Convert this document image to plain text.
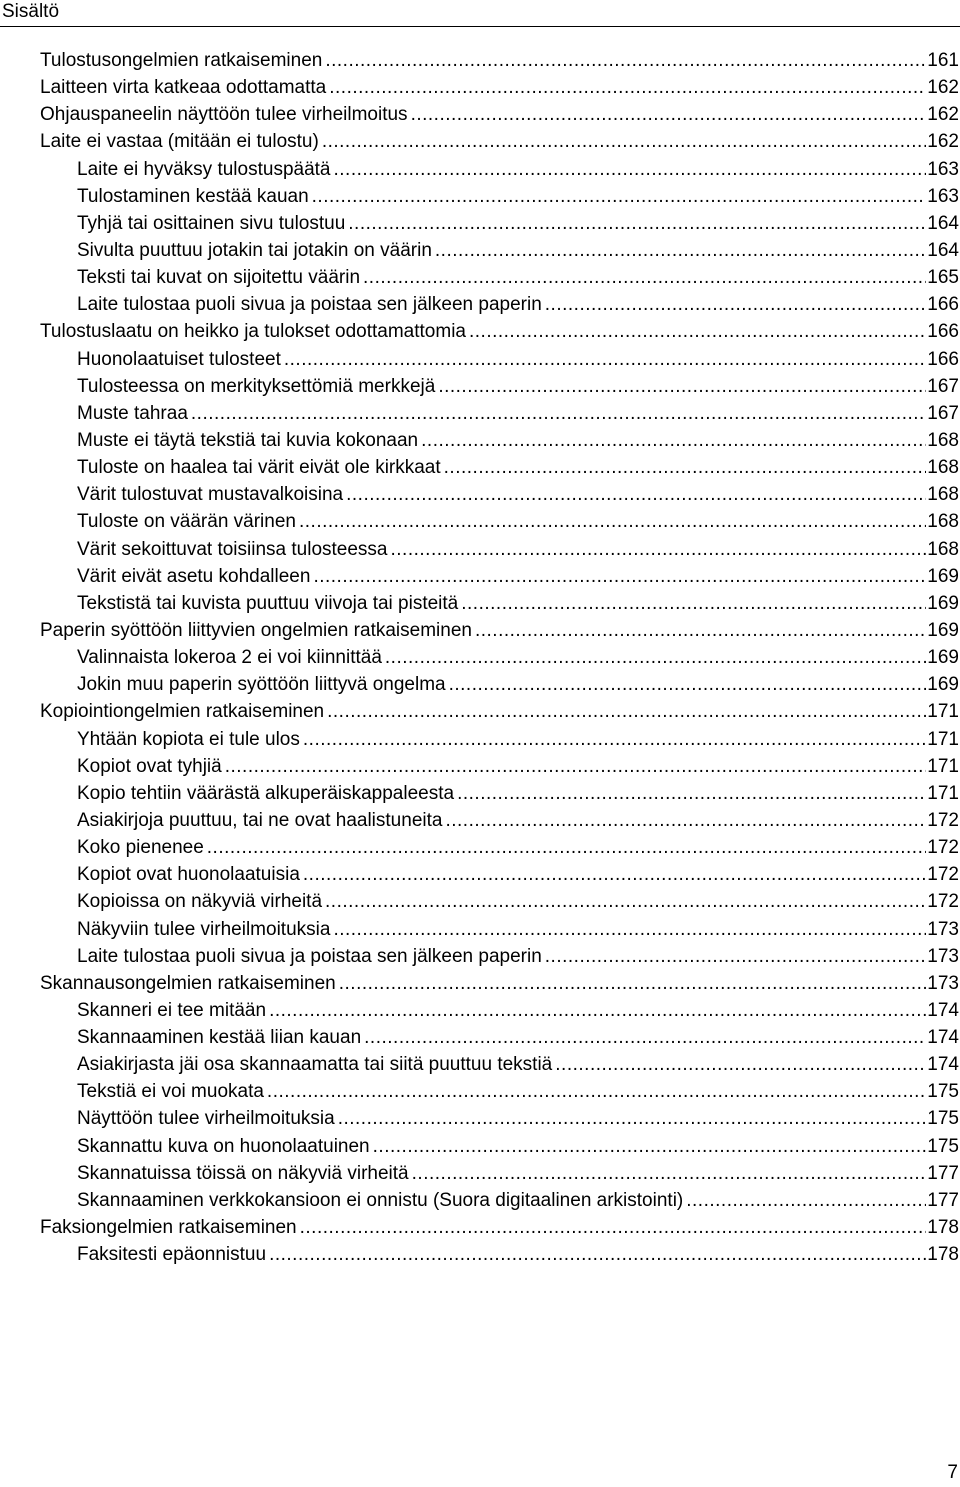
Sisältö
Tulostusongelmien ratkaiseminen .....	161
Laitteen virta katkeaa odottamatta .....	162
Ohjauspaneelin näyttöön tulee virheilmoitus .....	162
Laite ei vastaa (mitään ei tulostu) .....	162
Laite ei hyväksy tulostuspäätä .....	163
Tulostaminen kestää kauan .....	163
Tyhjä tai osittainen sivu tulostuu .....	164
Sivulta puuttuu jotakin tai jotakin on väärin .....	164
Teksti tai kuvat on sijoitettu väärin .....	165
Laite tulostaa puoli sivua ja poistaa sen jälkeen paperin .....	166
Tulostuslaatu on heikko ja tulokset odottamattomia .....	166
Huonolaatuiset tulosteet .....	166
Tulosteessa on merkityksettömiä merkkejä .....	167
Muste tahraa .....	167
Muste ei täytä tekstiä tai kuvia kokonaan .....	168
Tuloste on haalea tai värit eivät ole kirkkaat .....	168
Värit tulostuvat mustavalkoisina .....	168
Tuloste on väärän värinen .....	168
Värit sekoittuvat toisiinsa tulosteessa .....	168
Värit eivät asetu kohdalleen .....	169
Tekstistä tai kuvista puuttuu viivoja tai pisteitä .....	169
Paperin syöttöön liittyvien ongelmien ratkaiseminen .....	169
Valinnaista lokeroa 2 ei voi kiinnittää .....	169
Jokin muu paperin syöttöön liittyvä ongelma .....	169
Kopiointiongelmien ratkaiseminen .....	171
Yhtään kopiota ei tule ulos .....	171
Kopiot ovat tyhjiä .....	171
Kopio tehtiin väärästä alkuperäiskappaleesta .....	171
Asiakirjoja puuttuu, tai ne ovat haalistuneita .....	172
Koko pienenee .....	172
Kopiot ovat huonolaatuisia .....	172
Kopioissa on näkyviä virheitä .....	172
Näkyviin tulee virheilmoituksia .....	173
Laite tulostaa puoli sivua ja poistaa sen jälkeen paperin .....	173
Skannausongelmien ratkaiseminen .....	173
Skanneri ei tee mitään .....	174
Skannaaminen kestää liian kauan .....	174
Asiakirjasta jäi osa skannaamatta tai siitä puuttuu tekstiä .....	174
Tekstiä ei voi muokata .....	175
Näyttöön tulee virheilmoituksia .....	175
Skannattu kuva on huonolaatuinen .....	175
Skannatuissa töissä on näkyviä virheitä .....	177
Skannaaminen verkkokansioon ei onnistu (Suora digitaalinen arkistointi) .....	177
Faksiongelmien ratkaiseminen .....	178
Faksitesti epäonnistuu .....	178
7
